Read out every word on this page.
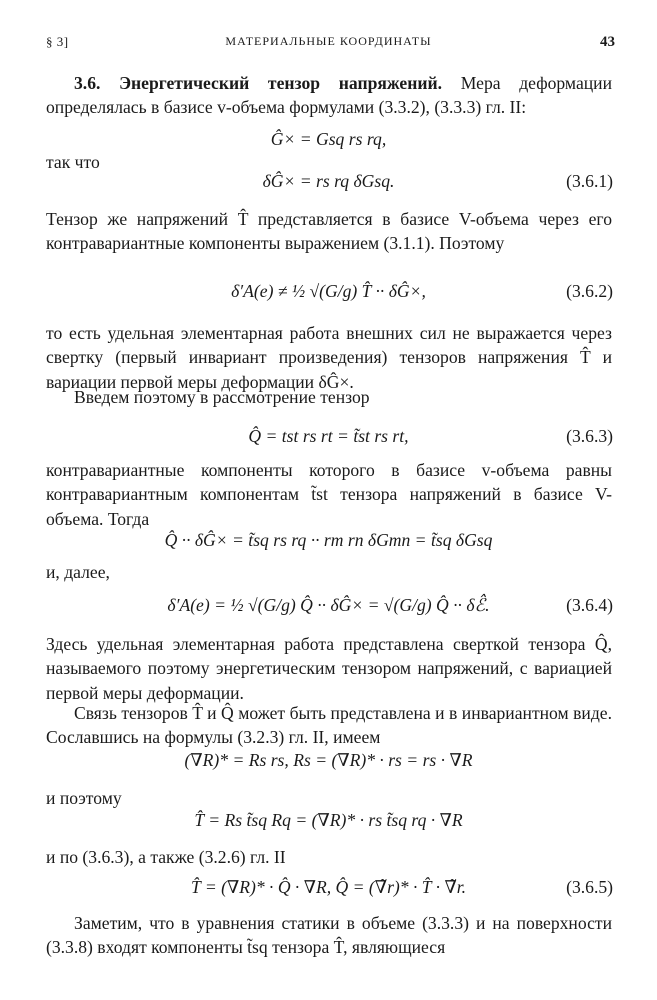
§ 3]	МАТЕРИАЛЬНЫЕ КООРДИНАТЫ	43
3.6. Энергетический тензор напряжений. Мера деформации определялась в базисе v-объема формулами (3.3.2), (3.3.3) гл. II:
Ĝ× = Gsq rs rq,
так что
δĜ× = rs rq δGsq.	(3.6.1)
Тензор же напряжений T̂ представляется в базисе V-объема через его контравариантные компоненты выражением (3.1.1). Поэтому
δ′A(e) ≠ ½ √(G/g) T̂ ·· δĜ×,	(3.6.2)
то есть удельная элементарная работа внешних сил не выражается через свертку (первый инвариант произведения) тензоров напряжения T̂ и вариации первой меры деформации δĜ×.
Введем поэтому в рассмотрение тензор
Q̂ = tst rs rt = t̃st rs rt,	(3.6.3)
контравариантные компоненты которого в базисе v-объема равны контравариантным компонентам t̃st тензора напряжений в базисе V-объема. Тогда
Q̂ ·· δĜ× = t̃sq rs rq ·· rm rn δGmn = t̃sq δGsq
и, далее,
δ′A(e) = ½ √(G/g) Q̂ ·· δĜ× = √(G/g) Q̂ ·· δℰ̂.	(3.6.4)
Здесь удельная элементарная работа представлена сверткой тензора Q̂, называемого поэтому энергетическим тензором напряжений, с вариацией первой меры деформации.
Связь тензоров T̂ и Q̂ может быть представлена и в инвариантном виде. Сославшись на формулы (3.2.3) гл. II, имеем
(∇R)* = Rs rs, Rs = (∇R)* · rs = rs · ∇R
и поэтому
T̂ = Rs t̃sq Rq = (∇R)* · rs t̃sq rq · ∇R
и по (3.6.3), а также (3.2.6) гл. II
T̂ = (∇R)* · Q̂ · ∇R, Q̂ = (∇̃r)* · T̂ · ∇̃r.	(3.6.5)
Заметим, что в уравнения статики в объеме (3.3.3) и на поверхности (3.3.8) входят компоненты t̃sq тензора T̂, являющиеся
